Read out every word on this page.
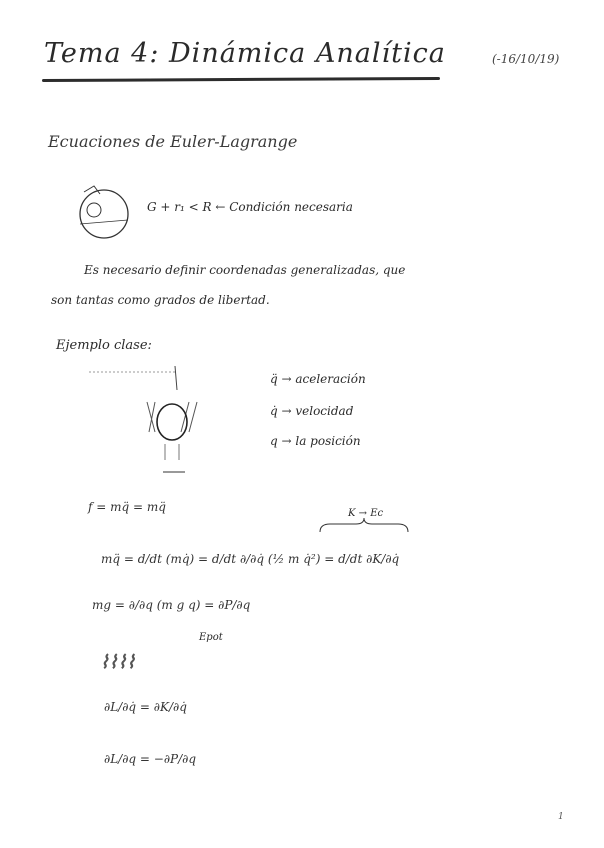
Tema 4: Dinámica Analítica	(-16/10/19)
Ecuaciones de Euler-Lagrange
G + r₁ < R ← Condición necesaria
Es necesario definir coordenadas generalizadas, que
son tantas como grados de libertad.
Ejemplo clase:
q̈ → aceleración
q̇ → velocidad
q → la posición
f = mq̈ = mq̈	K → Ec
mq̈ = d/dt (mq̇) = d/dt ∂/∂q̇ (½ m q̇²) = d/dt ∂K/∂q̇
mg = ∂/∂q (m g q) = ∂P/∂q
Epot
⌇⌇⌇⌇
∂L/∂q̇ = ∂K/∂q̇
∂L/∂q = −∂P/∂q
1
